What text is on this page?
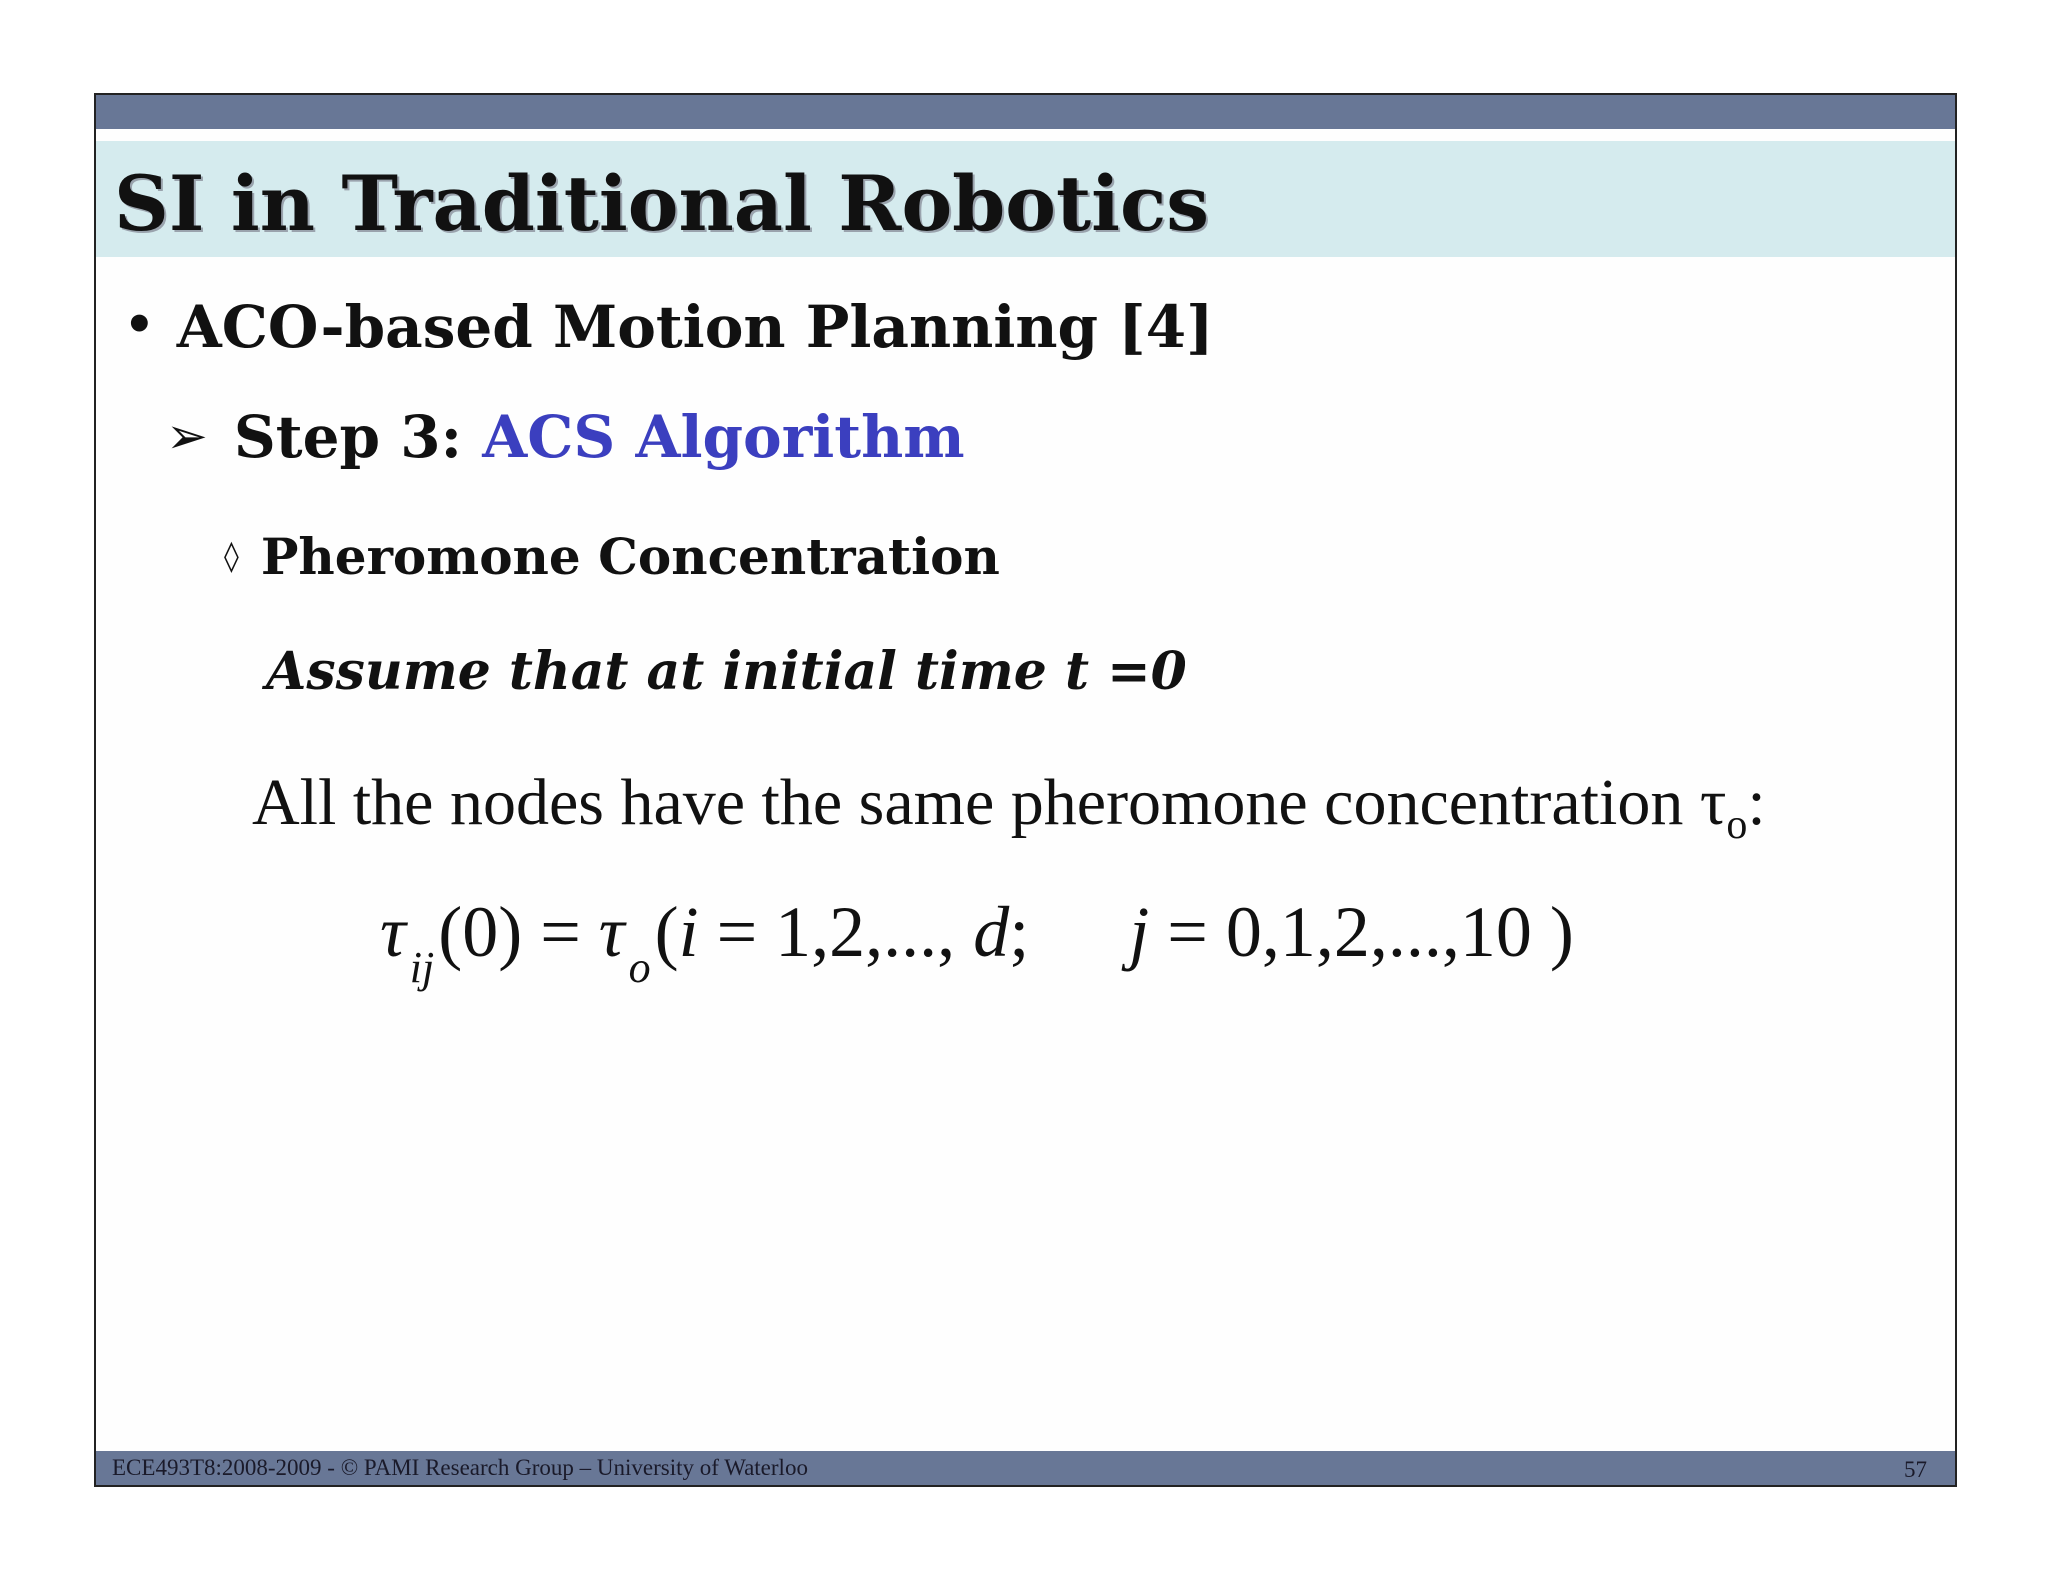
SI in Traditional Robotics
• ACO-based Motion Planning [4]
➢ Step 3: ACS Algorithm
◊ Pheromone Concentration
Assume that at initial time t =0
All the nodes have the same pheromone concentration $\tau_o$:
$\tau_{ij}(0) = \tau_o(i = 1,2$,..., d; j = 0,1,2,...,10 )
ECE493T8:2008-2009 - © PAMI Research Group – University of Waterloo	57
